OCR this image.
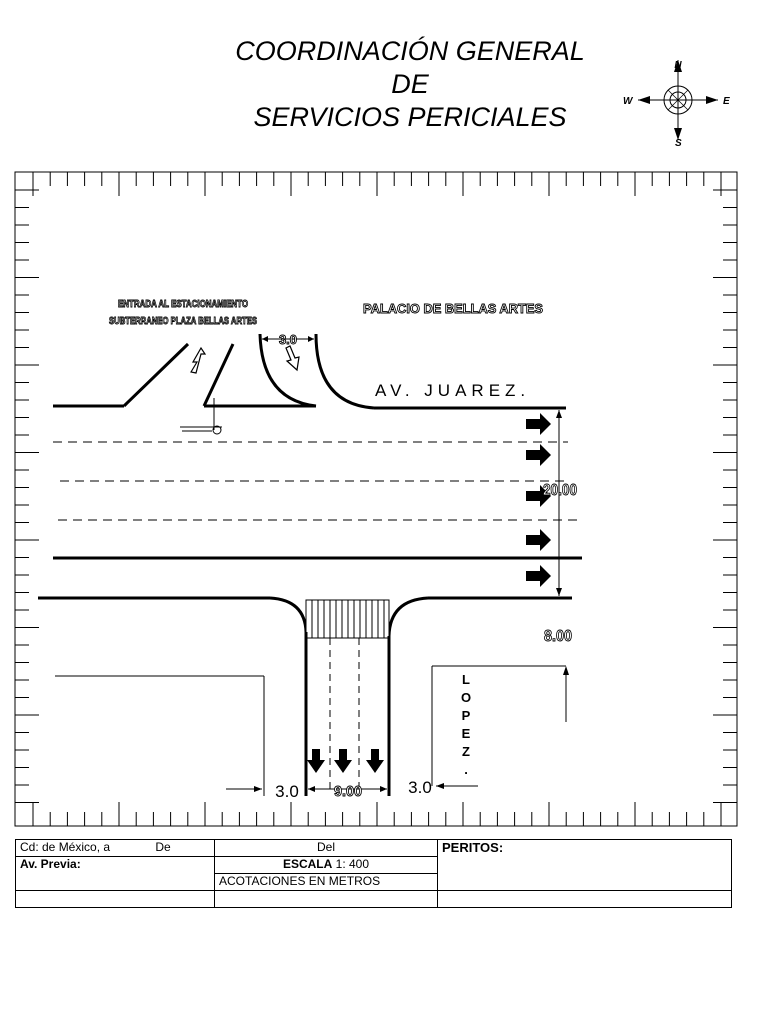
COORDINACIÓN GENERAL
DE
SERVICIOS PERICIALES
N
E
W
S
ENTRADA AL ESTACIONAMIENTO
SUBTERRANEO PLAZA BELLAS ARTES
PALACIO DE BELLAS ARTES
3.0
AV. JUAREZ.
20.00
8.00
L
O
P
E
Z
.
3.0 9.00	3.0
Cd: de México, a De	Del	PERITOS:
Av. Previa:	ESCALA 1: 400	
	ACOTACIONES EN METROS	
